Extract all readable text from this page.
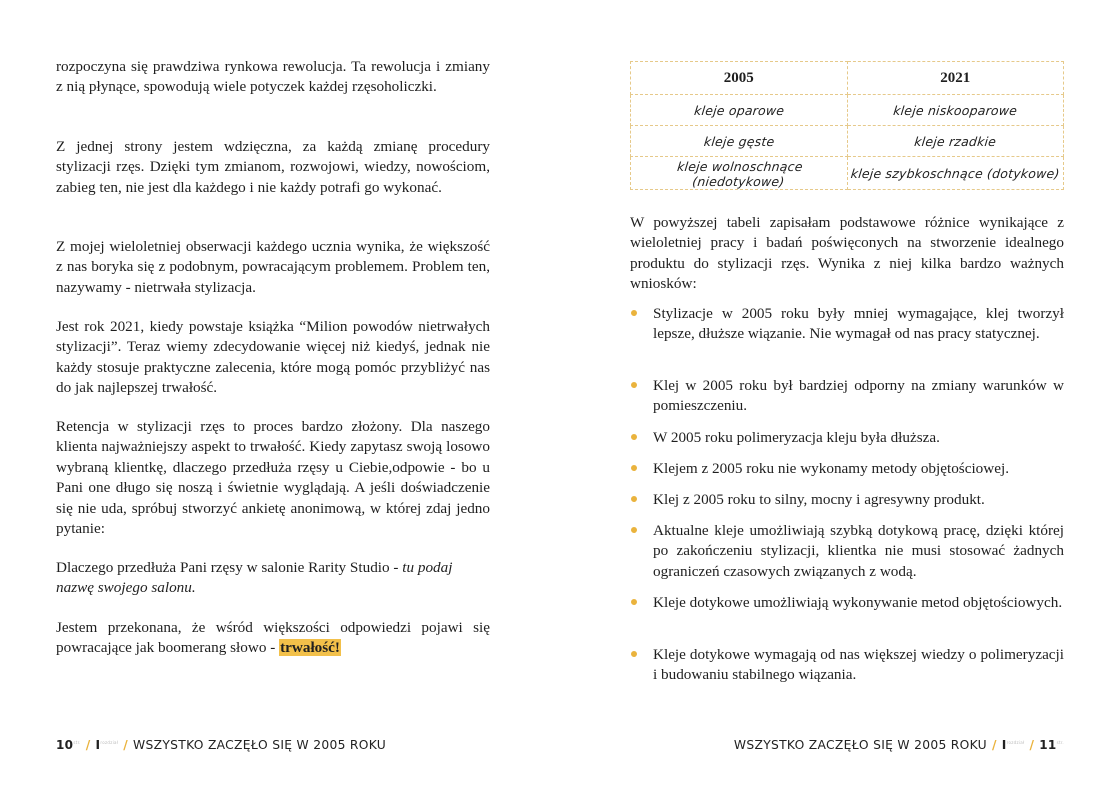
rozpoczyna się prawdziwa rynkowa rewolucja. Ta rewolucja i zmiany z nią płynące, spowodują wiele potyczek każdej rzęsoholiczki.

Z jednej strony jestem wdzięczna, za każdą zmianę procedury stylizacji rzęs. Dzięki tym zmianom, rozwojowi, wiedzy, nowościom, zabieg ten, nie jest dla każdego i nie każdy potrafi go wykonać.

Z mojej wieloletniej obserwacji każdego ucznia wynika, że większość z nas boryka się z podobnym, powracającym problemem. Problem ten, nazywamy - nietrwała stylizacja.

Jest rok 2021, kiedy powstaje książka “Milion powodów nietrwałych stylizacji”. Teraz wiemy zdecydowanie więcej niż kiedyś, jednak nie każdy stosuje praktyczne zalecenia, które mogą pomóc przybliżyć nas do jak najlepszej trwałość.

Retencja w stylizacji rzęs to proces bardzo złożony. Dla naszego klienta najważniejszy aspekt to trwałość. Kiedy zapytasz swoją losowo wybraną klientkę, dlaczego przedłuża rzęsy u Ciebie,odpowie - bo u Pani one długo się noszą i świetnie wyglądają. A jeśli doświadczenie się nie uda, spróbuj stworzyć ankietę anonimową, w której zdaj jedno pytanie:

Dlaczego przedłuża Pani rzęsy w salonie Rarity Studio - tu podaj nazwę swojego salonu.

Jestem przekonana, że wśród większości odpowiedzi pojawi się powracające jak boomerang słowo - trwałość!

2005	2021
kleje oparowe	kleje niskooparowe
kleje gęste	kleje rzadkie
kleje wolnoschnące (niedotykowe)	kleje szybkoschnące (dotykowe)

W powyższej tabeli zapisałam podstawowe różnice wynikające z wieloletniej pracy i badań poświęconych na stworzenie idealnego produktu do stylizacji rzęs. Wynika z niej kilka bardzo ważnych wniosków:

Stylizacje w 2005 roku były mniej wymagające, klej tworzył lepsze, dłuższe wiązanie. Nie wymagał od nas pracy statycznej.
Klej w 2005 roku był bardziej odporny na zmiany warunków w pomieszczeniu.
W 2005 roku polimeryzacja kleju była dłuższa.
Klejem z 2005 roku nie wykonamy metody objętościowej.
Klej z 2005 roku to silny, mocny i agresywny produkt.
Aktualne kleje umożliwiają szybką dotykową pracę, dzięki której po zakończeniu stylizacji, klientka nie musi stosować żadnych ograniczeń czasowych związanych z wodą.
Kleje dotykowe umożliwiają wykonywanie metod objętościowych.
Kleje dotykowe wymagają od nas większej wiedzy o polimeryzacji i budowaniu stabilnego wiązania.
$10^{str.} / I^{rozdział}$ / WSZYSTKO ZACZĘŁO SIĘ W 2005 ROKU	WSZYSTKO ZACZĘŁO SIĘ W 2005 ROKU / $I^{rozdział} / 11^{str.}$
